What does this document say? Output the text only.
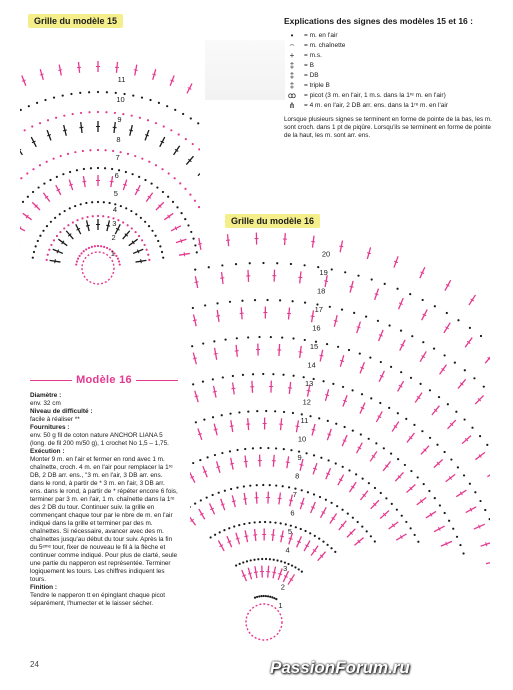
Grille du modèle 15
11
10
9
8
7
6
5
4
3
2
1
Explications des signes des modèles 15 et 16 :
•	= m. en l'air
⌢	= m. chaînette
+	= m.s.
‡	= B
‡	= DB
‡	= triple B
ꝏ	= picot (3 m. en l'air, 1 m.s. dans la 1ʳᵉ m. en l'air)
⋔	= 4 m. en l'air, 2 DB arr. ens. dans la 1ʳᵉ m. en l'air
Lorsque plusieurs signes se terminent en forme de pointe de la bas, les m. sont croch. dans 1 pt de piqûre. Lorsqu'ils se terminent en forme de pointe de la haut, les m. sont arr. ens.
Grille du modèle 16
20
19
18
17
16
15
14
13
12
11
10
9
8
7
6
5
4
3
2
1
Modèle 16
Diamètre :
env. 32 cm
Niveau de difficulté :
facile à réaliser **
Fournitures :
env. 50 g fil de coton nature ANCHOR LIANA 5 (long. de fil 200 m/50 g), 1 crochet No 1,5 – 1,75.
Exécution :
Monter 9 m. en l'air et fermer en rond avec 1 m. chaînette, croch. 4 m. en l'air pour remplacer la 1ʳᵉ DB, 2 DB arr. ens., "3 m. en l'air, 3 DB arr. ens. dans le rond, à partir de * 3 m. en l'air, 3 DB arr. ens. dans le rond, à partir de * répéter encore 6 fois, terminer par 3 m. en l'air, 1 m. chaînette dans la 1ʳᵉ des 2 DB du tour. Continuer suiv. la grille en commençant chaque tour par le nbre de m. en l'air indiqué dans la grille et terminer par des m. chaînettes. Si nécessaire, avancer avec des m. chaînettes jusqu'au début du tour suiv. Après la fin du 5ᵉᵐᵉ tour, fixer de nouveau le fil à la flèche et continuer comme indiqué. Pour plus de clarté, seule une partie du napperon est représentée. Terminer logiquement les tours. Les chiffres indiquent les tours.
Finition :
Tendre le napperon tt en épinglant chaque picot séparément, l'humecter et le laisser sécher.
24	PassionForum.ru
